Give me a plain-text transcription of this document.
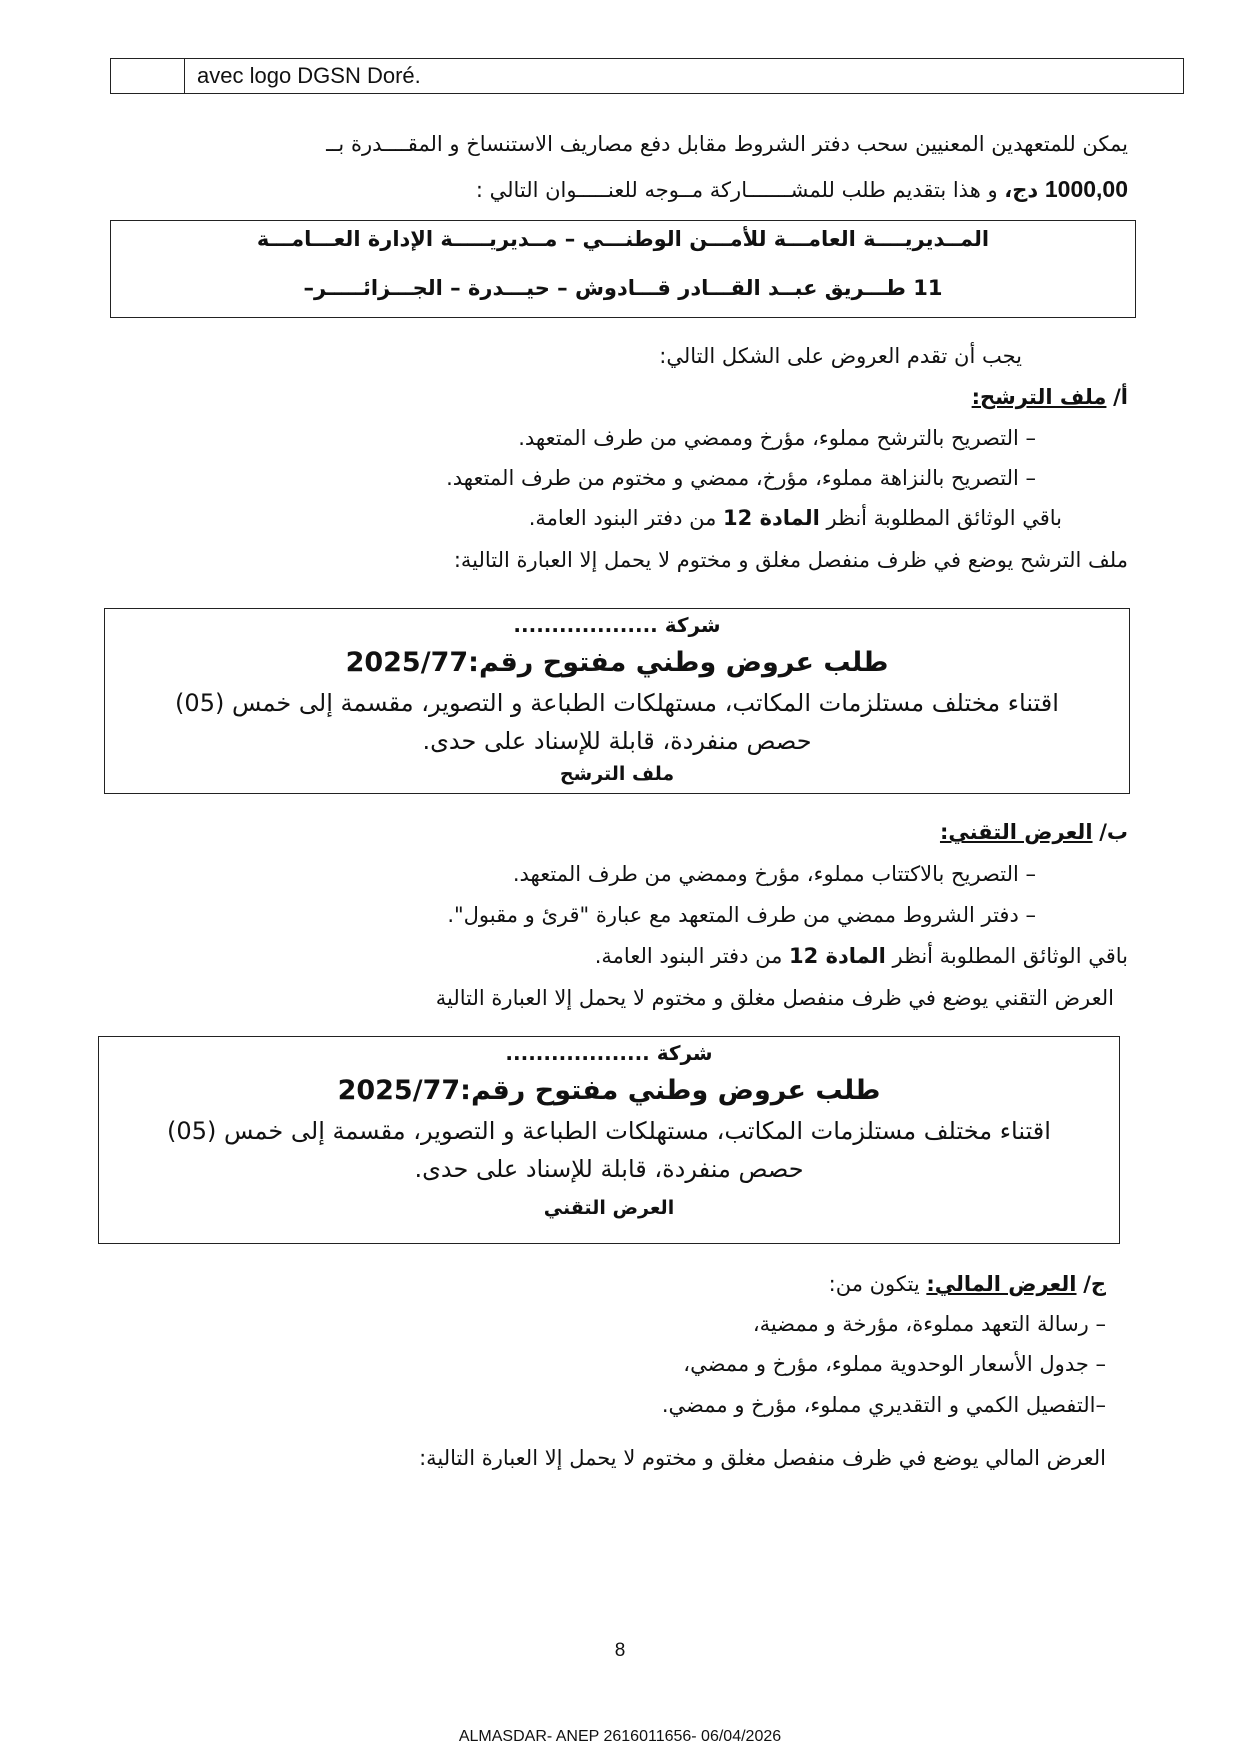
avec logo DGSN Doré.
يمكن للمتعهدين المعنيين سحب دفتر الشروط مقابل دفع مصاريف الاستنساخ و المقــــدرة بــ
1000,00 دج، و هذا بتقديم طلب للمشـــــــاركة مــوجه للعنـــــوان التالي :
المــديريــــة العامـــة للأمـــن الوطنـــي – مــديريـــــة الإدارة العـــامـــة
11 طـــريق عبــد القـــادر قـــادوش – حيـــدرة – الجـــزائـــــر–
يجب أن تقدم العروض على الشكل التالي:
أ/ ملف الترشح:
– التصريح بالترشح مملوء، مؤرخ وممضي من طرف المتعهد.
– التصريح بالنزاهة مملوء، مؤرخ، ممضي و مختوم من طرف المتعهد.
باقي الوثائق المطلوبة أنظر المادة 12 من دفتر البنود العامة.
ملف الترشح يوضع في ظرف منفصل مغلق و مختوم لا يحمل إلا العبارة التالية:
شركة ...................
طلب عروض وطني مفتوح رقم:2025/77
اقتناء مختلف مستلزمات المكاتب، مستهلكات الطباعة و التصوير، مقسمة إلى خمس (05)
حصص منفردة، قابلة للإسناد على حدى.
ملف الترشح
ب/ العرض التقني:
– التصريح بالاكتتاب مملوء، مؤرخ وممضي من طرف المتعهد.
– دفتر الشروط ممضي من طرف المتعهد مع عبارة "قرئ و مقبول".
باقي الوثائق المطلوبة أنظر المادة 12 من دفتر البنود العامة.
العرض التقني يوضع في ظرف منفصل مغلق و مختوم لا يحمل إلا العبارة التالية
شركة ...................
طلب عروض وطني مفتوح رقم:2025/77
اقتناء مختلف مستلزمات المكاتب، مستهلكات الطباعة و التصوير، مقسمة إلى خمس (05)
حصص منفردة، قابلة للإسناد على حدى.
العرض التقني
ج/ العرض المالي: يتكون من:
– رسالة التعهد مملوءة، مؤرخة و ممضية،
– جدول الأسعار الوحدوية مملوء، مؤرخ و ممضي،
–التفصيل الكمي و التقديري مملوء، مؤرخ و ممضي.
العرض المالي يوضع في ظرف منفصل مغلق و مختوم لا يحمل إلا العبارة التالية:
8
ALMASDAR- ANEP 2616011656- 06/04/2026
